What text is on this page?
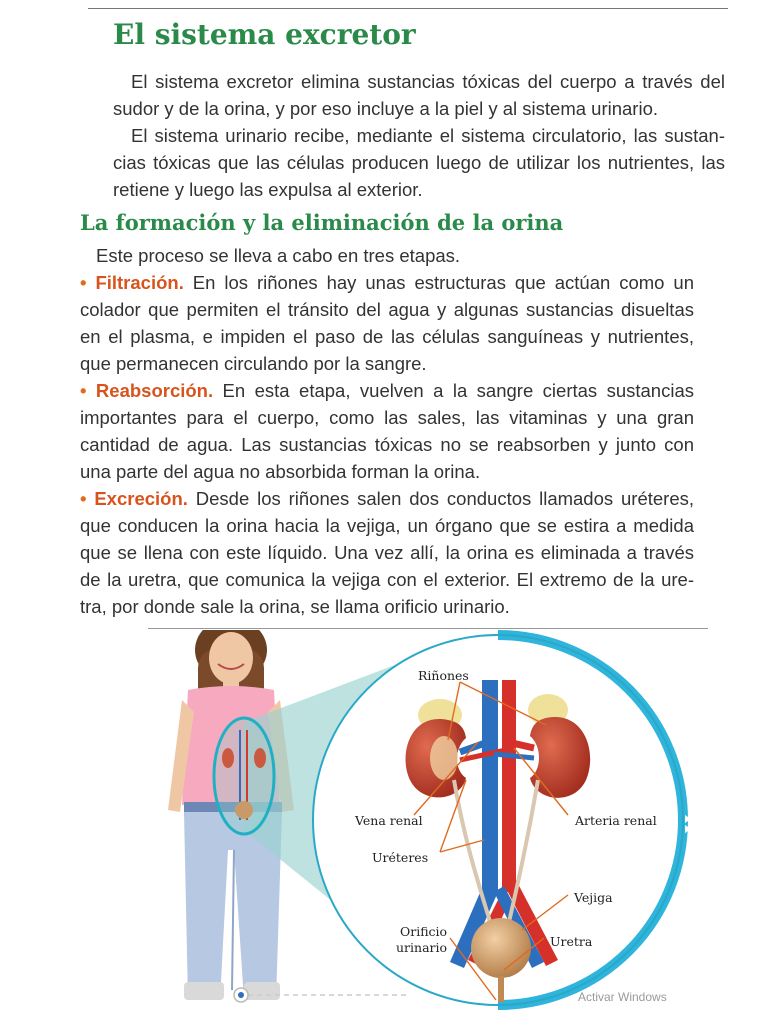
El sistema excretor

El sistema excretor elimina sustancias tóxicas del cuerpo a través del sudor y de la orina, y por eso incluye a la piel y al sistema urinario.

El sistema urinario recibe, mediante el sistema circulatorio, las sustan-cias tóxicas que las células producen luego de utilizar los nutrientes, las retiene y luego las expulsa al exterior.

La formación y la eliminación de la orina

Este proceso se lleva a cabo en tres etapas.

• Filtración. En los riñones hay unas estructuras que actúan como un colador que permiten el tránsito del agua y algunas sustancias disueltas en el plasma, e impiden el paso de las células sanguíneas y nutrientes, que permanecen circulando por la sangre.

• Reabsorción. En esta etapa, vuelven a la sangre ciertas sustancias importantes para el cuerpo, como las sales, las vitaminas y una gran cantidad de agua. Las sustancias tóxicas no se reabsorben y junto con una parte del agua no absorbida forman la orina.

• Excreción. Desde los riñones salen dos conductos llamados uréteres, que conducen la orina hacia la vejiga, un órgano que se estira a medida que se llena con este líquido. Una vez allí, la orina es eliminada a través de la uretra, que comunica la vejiga con el exterior. El extremo de la ure-tra, por donde sale la orina, se llama orificio urinario.

Riñones
Vena renal	Arteria renal
Uréteres
Vejiga
Uretra
Orificio
urinario
Activar Windows
